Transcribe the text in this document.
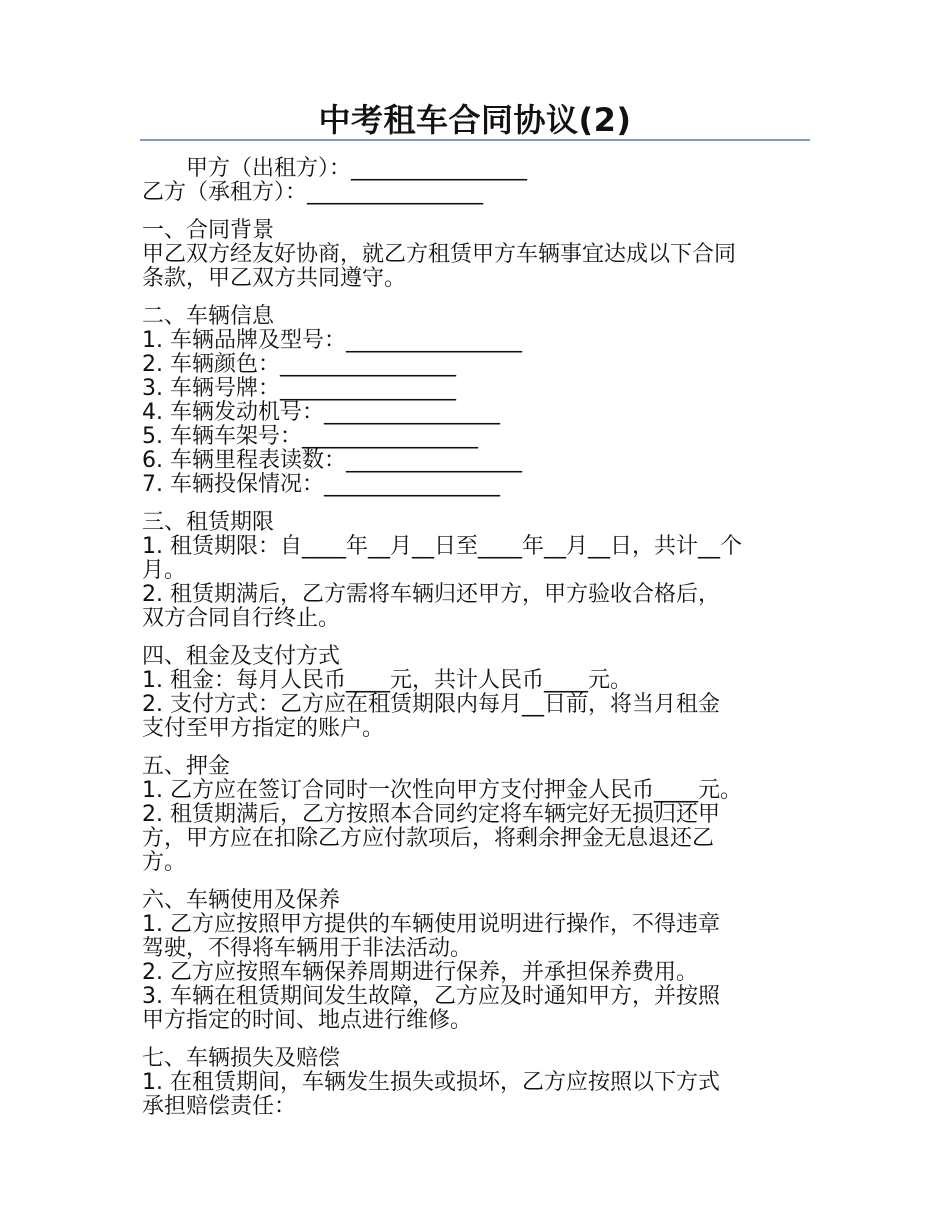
中考租车合同协议(2)
甲方（出租方）：________________
乙方（承租方）：________________
一、合同背景
甲乙双方经友好协商，就乙方租赁甲方车辆事宜达成以下合同
条款，甲乙双方共同遵守。
二、车辆信息
1. 车辆品牌及型号：________________
2. 车辆颜色：________________
3. 车辆号牌：________________
4. 车辆发动机号：________________
5. 车辆车架号：________________
6. 车辆里程表读数：________________
7. 车辆投保情况：________________
三、租赁期限
1. 租赁期限：自____年__月__日至____年__月__日，共计__个
月。
2. 租赁期满后，乙方需将车辆归还甲方，甲方验收合格后，
双方合同自行终止。
四、租金及支付方式
1. 租金：每月人民币____元，共计人民币____元。
2. 支付方式：乙方应在租赁期限内每月__日前，将当月租金
支付至甲方指定的账户。
五、押金
1. 乙方应在签订合同时一次性向甲方支付押金人民币____元。
2. 租赁期满后，乙方按照本合同约定将车辆完好无损归还甲
方，甲方应在扣除乙方应付款项后，将剩余押金无息退还乙
方。
六、车辆使用及保养
1. 乙方应按照甲方提供的车辆使用说明进行操作，不得违章
驾驶，不得将车辆用于非法活动。
2. 乙方应按照车辆保养周期进行保养，并承担保养费用。
3. 车辆在租赁期间发生故障，乙方应及时通知甲方，并按照
甲方指定的时间、地点进行维修。
七、车辆损失及赔偿
1. 在租赁期间，车辆发生损失或损坏，乙方应按照以下方式
承担赔偿责任：
